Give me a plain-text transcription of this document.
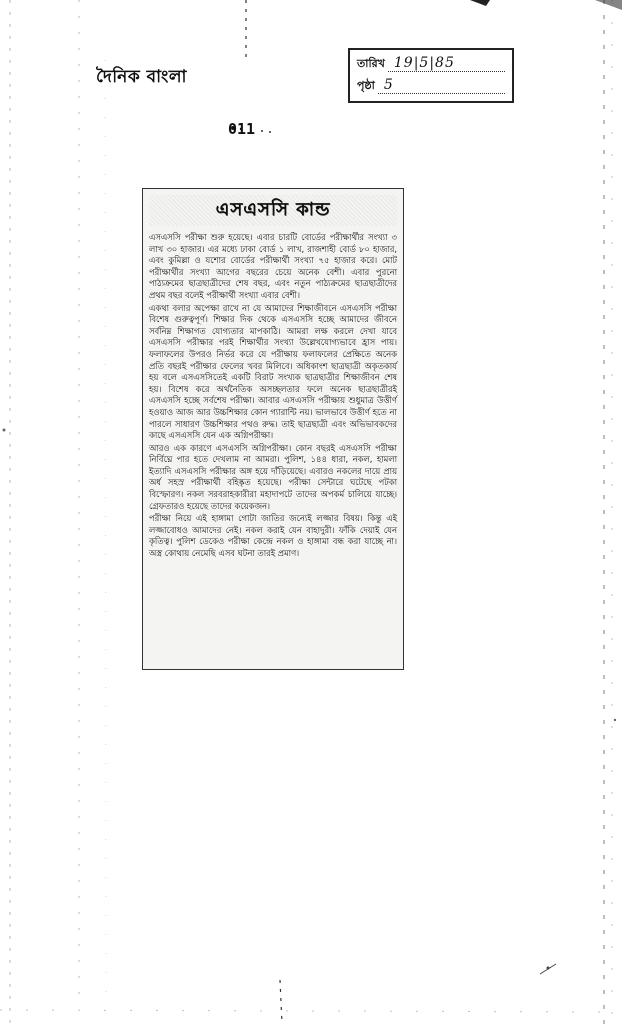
দৈনিক বাংলা
তারিখ 19|5|85
পৃষ্ঠা 5
011
এসএসসি কান্ড

এসএসসি পরীক্ষা শুরু হয়েছে। এবার চারটি বোর্ডের পরীক্ষার্থীর সংখ্যা ৩ লাখ ৩০ হাজার। এর মধ্যে ঢাকা বোর্ড ১ লাখ, রাজশাহী বোর্ড ৮০ হাজার, এবং কুমিল্লা ও যশোর বোর্ডের পরীক্ষার্থী সংখ্যা ৭৫ হাজার করে। মোট পরীক্ষার্থীর সংখ্যা আগের বছরের চেয়ে অনেক বেশী। এবার পুরনো পাঠ্যক্রমের ছাত্রছাত্রীদের শেষ বছর, এবং নতুন পাঠ্যক্রমের ছাত্রছাত্রীদের প্রথম বছর বলেই পরীক্ষার্থী সংখ্যা এবার বেশী।

একথা বলার অপেক্ষা রাখে না যে আমাদের শিক্ষাজীবনে এসএসসি পরীক্ষা বিশেষ গুরুত্বপূর্ণ। শিক্ষার দিক থেকে এসএসসি হচ্ছে আমাদের জীবনে সর্বনিম্ন শিক্ষাগত যোগ্যতার মাপকাঠি। আমরা লক্ষ করলে দেখা যাবে এসএসসি পরীক্ষার পরই শিক্ষার্থীর সংখ্যা উল্লেখযোগ্যভাবে হ্রাস পায়। ফলাফলের উপরও নির্ভর করে যে পরীক্ষায় ফলাফলের প্রেক্ষিতে অনেক প্রতি বছরই পরীক্ষার ফেলের খবর মিলিবে। অধিকাংশ ছাত্রছাত্রী অকৃতকার্য হয় বলে এসএসসিতেই একটি বিরাট সংখ্যক ছাত্রছাত্রীর শিক্ষাজীবন শেষ হয়। বিশেষ করে অর্থনৈতিক অসচ্ছলতার ফলে অনেক ছাত্রছাত্রীরই এসএসসি হচ্ছে সর্বশেষ পরীক্ষা। আবার এসএসসি পরীক্ষায় শুধুমাত্র উত্তীর্ণ হওয়াও আজ আর উচ্চশিক্ষার কোন গ্যারান্টি নয়। ভালভাবে উত্তীর্ণ হতে না পারলে সাধারণ উচ্চশিক্ষার পথও রুদ্ধ। তাই ছাত্রছাত্রী এবং অভিভাবকদের কাছে এসএসসি যেন এক অগ্নিপরীক্ষা।

আরও এক কারণে এসএসসি অগ্নিপরীক্ষা। কোন বছরই এসএসসি পরীক্ষা নির্বিঘ্নে পার হতে দেখলাম না আমরা। পুলিশ, ১৪৪ ধারা, নকল, হামলা ইত্যাদি এসএসসি পরীক্ষার অঙ্গ হয়ে দাঁড়িয়েছে। এবারও নকলের দায়ে প্রায় অর্ধ সহস্র পরীক্ষার্থী বহিষ্কৃত হয়েছে। পরীক্ষা সেন্টারে ঘটেছে পটকা বিস্ফোরণ। নকল সরবরাহকারীরা মহাদাপটে তাদের অপকর্ম চালিয়ে যাচ্ছে। গ্রেফতারও হয়েছে তাদের কয়েকজন।

পরীক্ষা নিয়ে এই হাঙ্গামা গোটা জাতির জন্যেই লজ্জার বিষয়। কিন্তু এই লজ্জাবোধও আমাদের নেই। নকল করাই যেন বাহাদুরী। ফাঁকি দেয়াই যেন কৃতিত্ব। পুলিশ ডেকেও পরীক্ষা কেন্দ্রে নকল ও হাঙ্গামা বন্ধ করা যাচ্ছে না। অস্ত্র কোথায় নেমেছি এসব ঘটনা তারই প্রমাণ।
